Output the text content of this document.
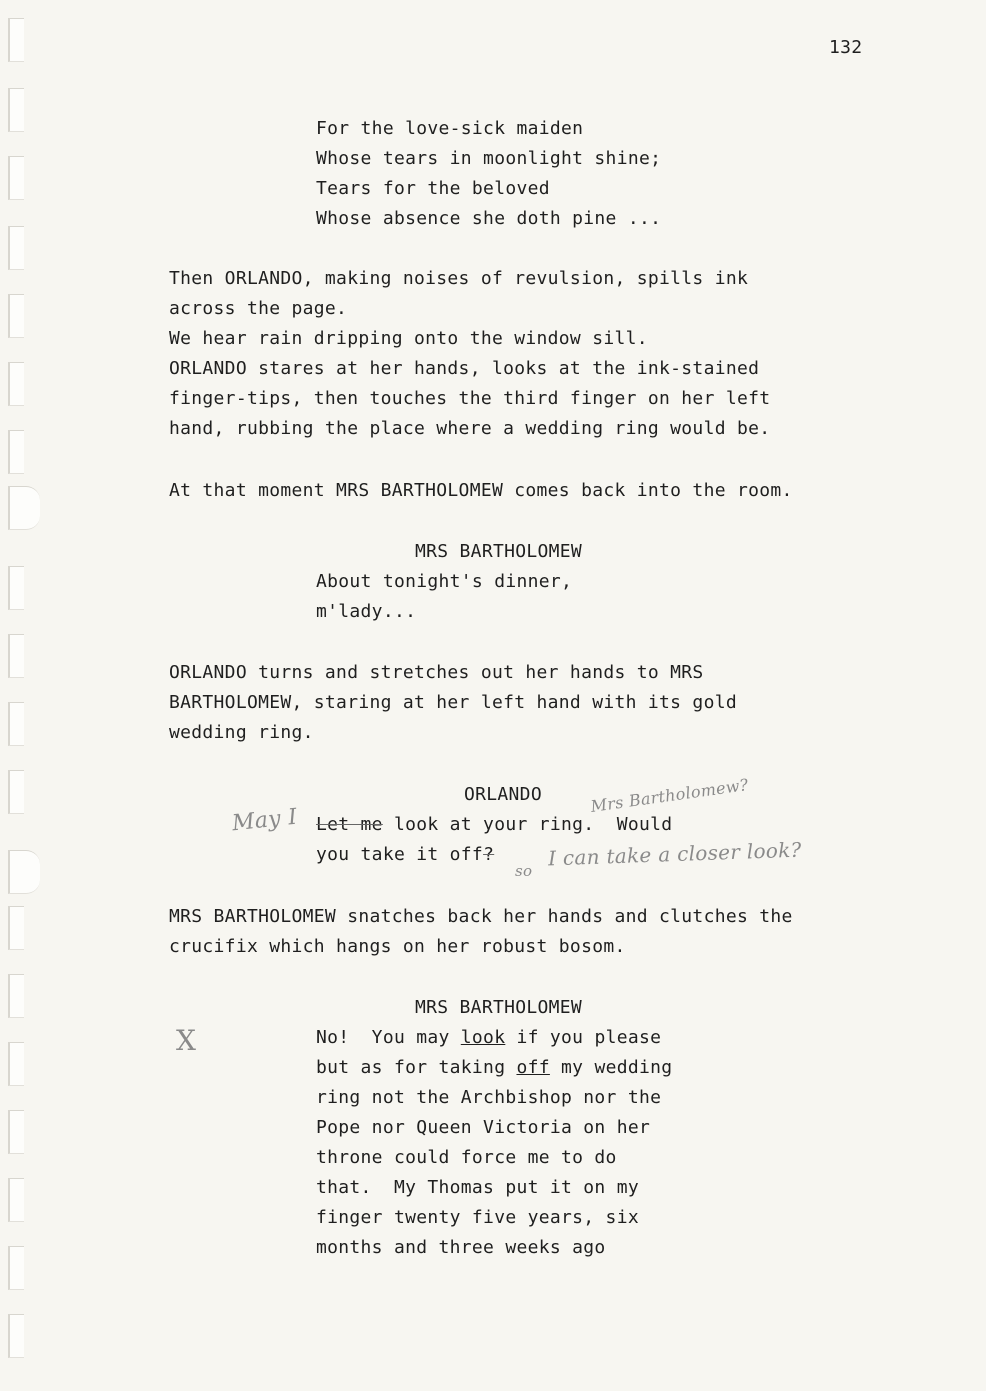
132
For the love-sick maiden
Whose tears in moonlight shine;
Tears for the beloved
Whose absence she doth pine ...
Then ORLANDO, making noises of revulsion, spills ink
across the page.
We hear rain dripping onto the window sill.
ORLANDO stares at her hands, looks at the ink-stained
finger-tips, then touches the third finger on her left
hand, rubbing the place where a wedding ring would be.
At that moment MRS BARTHOLOMEW comes back into the room.
MRS BARTHOLOMEW
About tonight's dinner,
m'lady...
ORLANDO turns and stretches out her hands to MRS
BARTHOLOMEW, staring at her left hand with its gold
wedding ring.
ORLANDO
May I
Mrs Bartholomew?
Let me look at your ring.  Would
you take it off?
so
I can take a closer look?
MRS BARTHOLOMEW snatches back her hands and clutches the
crucifix which hangs on her robust bosom.
MRS BARTHOLOMEW
X	No!  You may look if you please
but as for taking off my wedding
ring not the Archbishop nor the
Pope nor Queen Victoria on her
throne could force me to do
that.  My Thomas put it on my
finger twenty five years, six
months and three weeks ago
